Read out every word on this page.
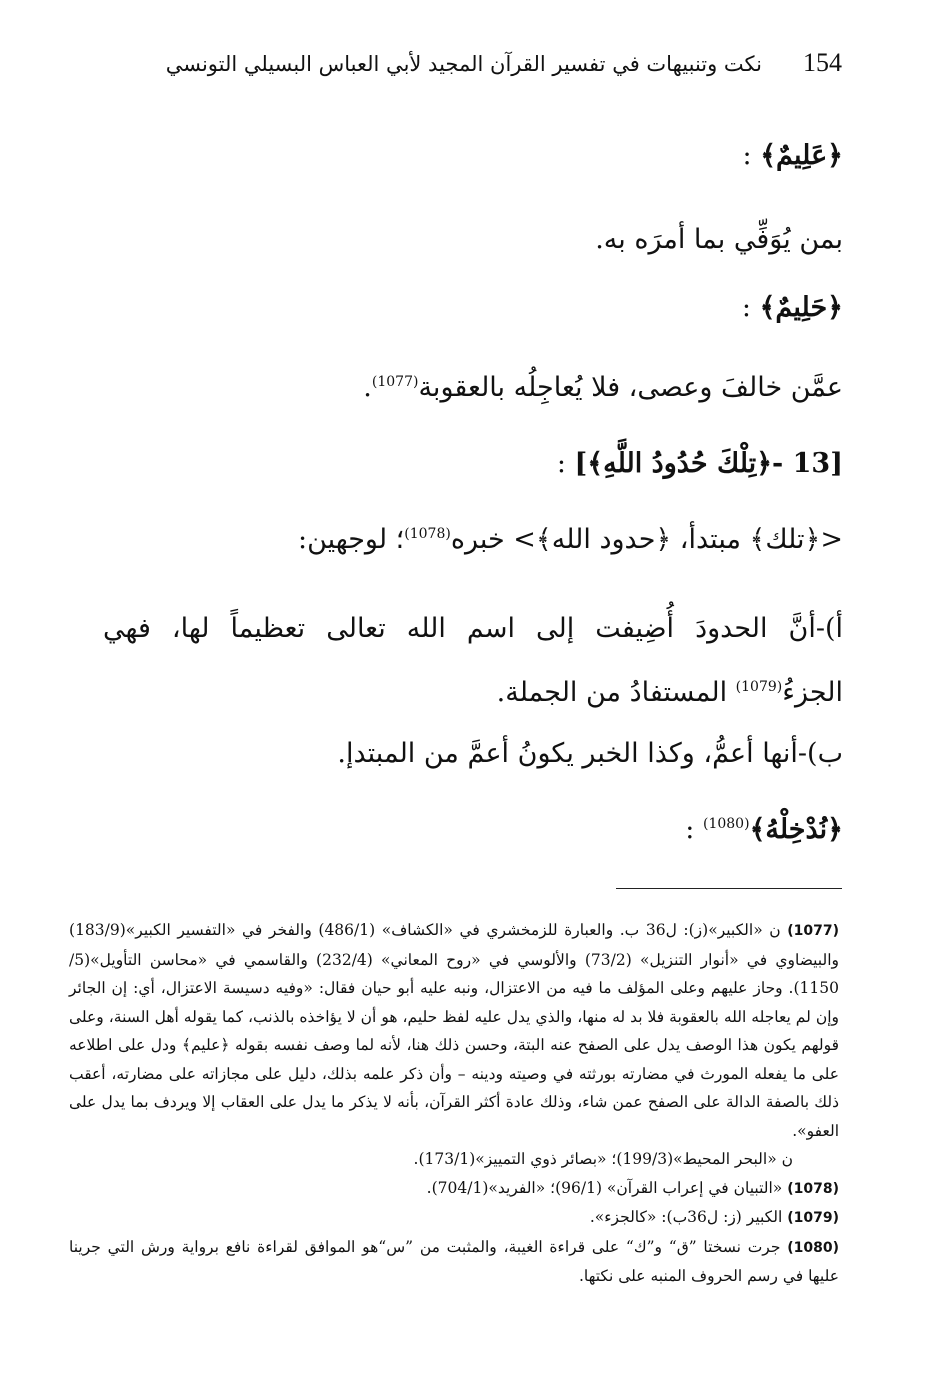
154
نكت وتنبيهات في تفسير القرآن المجيد لأبي العباس البسيلي التونسي
﴿عَلِيمٌ﴾ :
بمن يُوَفِّي بما أمرَه به.
﴿حَلِيمٌ﴾ :
عمَّن خالفَ وعصى، فلا يُعاجِلُه بالعقوبة$^{(1077)}$.
[13 -﴿تِلْكَ حُدُودُ اللَّهِ﴾] :
<﴿تلك﴾ مبتدأ، ﴿حدود الله﴾> خبره$^{(1078)}$؛ لوجهين:
أ)-أنَّ الحدودَ أُضِيفت إلى اسم الله تعالى تعظيماً لها، فهي الجزءُ$^{(1079)}$ المستفادُ من الجملة.
ب)-أنها أعمُّ، وكذا الخبر يكونُ أعمَّ من المبتدإ.
﴿نُدْخِلْهُ﴾$^{(1080)}$ :

(1077) ن «الكبير»(ز): ل36 ب. والعبارة للزمخشري في «الكشاف» (486/1) والفخر في «التفسير الكبير»(183/9) والبيضاوي في «أنوار التنزيل» (73/2) والألوسي في «روح المعاني» (232/4) والقاسمي في «محاسن التأويل»(5/ 1150). وحاز عليهم وعلى المؤلف ما فيه من الاعتزال، ونبه عليه أبو حيان فقال: «وفيه دسيسة الاعتزال، أي: إن الجائر وإن لم يعاجله الله بالعقوبة فلا بد له منها، والذي يدل عليه لفظ حليم، هو أن لا يؤاخذه بالذنب، كما يقوله أهل السنة، وعلى قولهم يكون هذا الوصف يدل على الصفح عنه البتة، وحسن ذلك هنا، لأنه لما وصف نفسه بقوله ﴿عليم﴾ ودل على اطلاعه على ما يفعله المورث في مضارته بورثته في وصيته ودينه – وأن ذكر علمه بذلك، دليل على مجازاته على مضارته، أعقب ذلك بالصفة الدالة على الصفح عمن شاء، وذلك عادة أكثر القرآن، بأنه لا يذكر ما يدل على العقاب إلا ويردف بما يدل على العفو».

ن «البحر المحيط»(199/3)؛ «بصائر ذوي التمييز»(173/1).

(1078) «التبيان في إعراب القرآن» (96/1)؛ «الفريد»(704/1).

(1079) الكبير (ز: ل36ب): «كالجزء».

(1080) جرت نسختا ”ق“ و”ك“ على قراءة الغيبة، والمثبت من ”س“هو الموافق لقراءة نافع برواية ورش التي جرينا عليها في رسم الحروف المنبه على نكتها.
